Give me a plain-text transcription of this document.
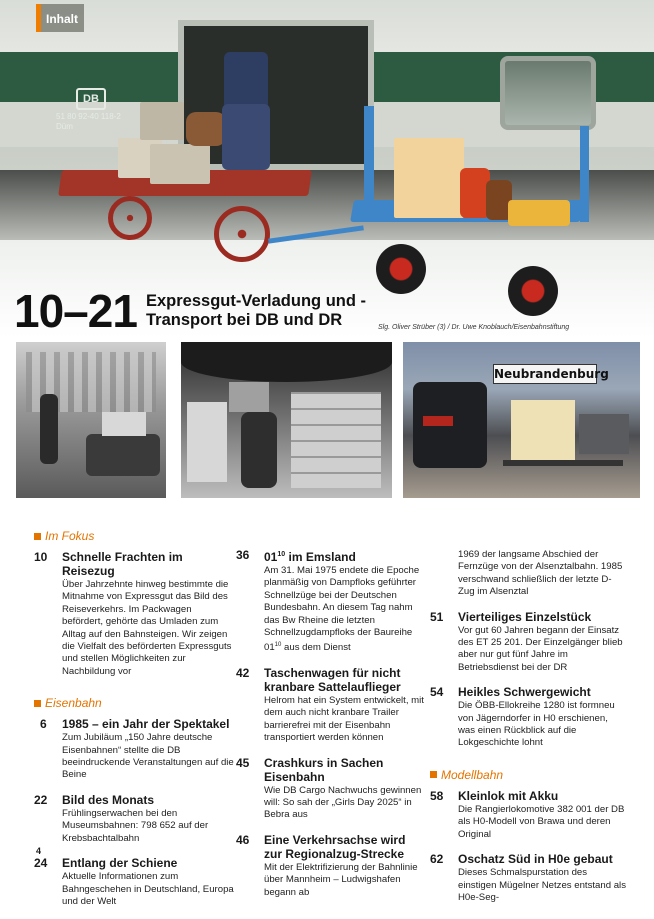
DB
51 80 92-40 118-2
Düm
Inhalt
10–21 Expressgut-Verladung und -Transport bei DB und DR	Slg. Oliver Strüber (3) / Dr. Uwe Knoblauch/Eisenbahnstiftung
Neubrandenburg
Im Fokus
10	Schnelle Frachten im Reisezug
Über Jahrzehnte hinweg bestimmte die Mitnahme von Expressgut das Bild des Reiseverkehrs. Im Packwagen befördert, gehörte das Umladen zum Alltag auf den Bahnsteigen. Wir zeigen die Vielfalt des beförderten Expressguts und stellen Möglichkeiten zur Nachbildung vor
Eisenbahn
6	1985 – ein Jahr der Spektakel
Zum Jubiläum „150 Jahre deutsche Eisenbahnen“ stellte die DB beeindruckende Veranstaltungen auf die Beine
22	Bild des Monats
Frühlingserwachen bei den Museumsbahnen: 798 652 auf der Krebsbachtalbahn
24	Entlang der Schiene
Aktuelle Informationen zum Bahngeschehen in Deutschland, Europa und der Welt
36	$01^{10}$ im Emsland
Am 31. Mai 1975 endete die Epoche planmäßig von Dampfloks geführter Schnellzüge bei der Deutschen Bundesbahn. An diesem Tag nahm das Bw Rheine die letzten Schnellzugdampfloks der Baureihe $01^{10}$ aus dem Dienst
42	Taschenwagen für nicht kranbare Sattelauflieger
Helrom hat ein System entwickelt, mit dem auch nicht kranbare Trailer barrierefrei mit der Eisenbahn transportiert werden können
45	Crashkurs in Sachen Eisenbahn
Wie DB Cargo Nachwuchs gewinnen will: So sah der „Girls Day 2025“ in Bebra aus
46	Eine Verkehrsachse wird zur Regionalzug-Strecke
Mit der Elektrifizierung der Bahnlinie über Mannheim – Ludwigshafen begann ab
1969 der langsame Abschied der Fernzüge von der Alsenztalbahn. 1985 verschwand schließlich der letzte D-Zug im Alsenztal
51	Vierteiliges Einzelstück
Vor gut 60 Jahren begann der Einsatz des ET 25 201. Der Einzelgänger blieb aber nur gut fünf Jahre im Betriebsdienst bei der DR
54	Heikles Schwergewicht
Die ÖBB-Ellokreihe 1280 ist formneu von Jägerndorfer in H0 erschienen, was einen Rückblick auf die Lokgeschichte lohnt
Modellbahn
58	Kleinlok mit Akku
Die Rangierlokomotive 382 001 der DB als H0-Modell von Brawa und deren Original
62	Oschatz Süd in H0e gebaut
Dieses Schmalspurstation des einstigen Mügelner Netzes entstand als H0e-Seg-
4
